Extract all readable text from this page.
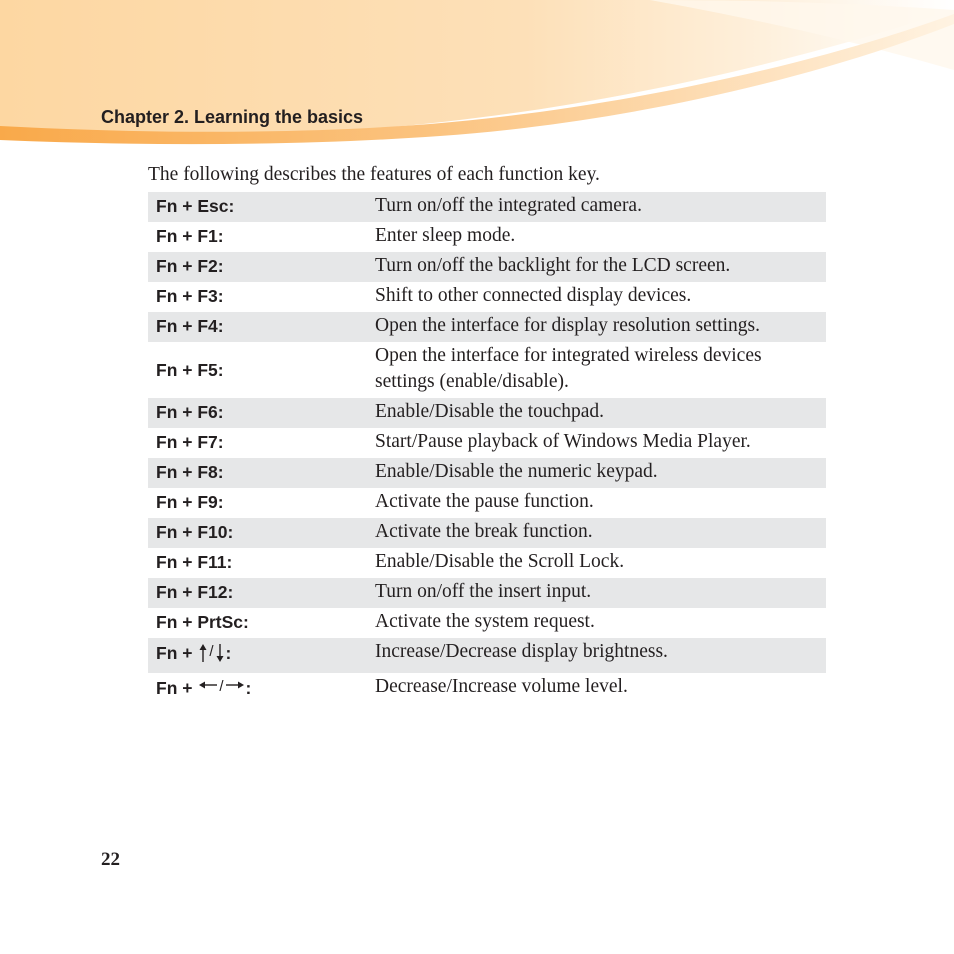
Chapter 2. Learning the basics
The following describes the features of each function key.
Fn + Esc:	Turn on/off the integrated camera.
Fn + F1:	Enter sleep mode.
Fn + F2:	Turn on/off the backlight for the LCD screen.
Fn + F3:	Shift to other connected display devices.
Fn + F4:	Open the interface for display resolution settings.
Fn + F5:
Open the interface for integrated wireless devices settings (enable/disable).
Fn + F6:	Enable/Disable the touchpad.
Fn + F7:	Start/Pause playback of Windows Media Player.
Fn + F8:	Enable/Disable the numeric keypad.
Fn + F9:	Activate the pause function.
Fn + F10:	Activate the break function.
Fn + F11:	Enable/Disable the Scroll Lock.
Fn + F12:	Turn on/off the insert input.
Fn + PrtSc:	Activate the system request.
Fn + / :	Increase/Decrease display brightness.
Fn + / :	Decrease/Increase volume level.
22
